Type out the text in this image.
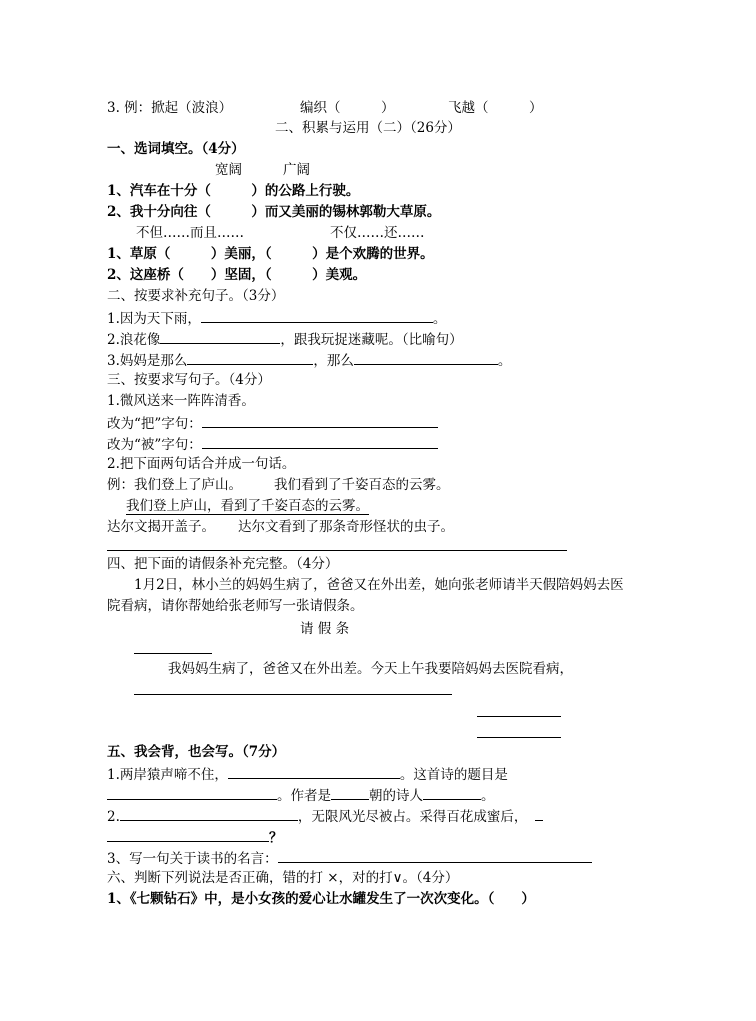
3. 例：掀起（波浪）	编织（　　　）	飞越（　　　）
二、积累与运用（二）（26分）
一、选词填空。（4分）
宽阔	广阔
1、汽车在十分（　　　）的公路上行驶。
2、我十分向往（　　　）而又美丽的锡林郭勒大草原。
不但……而且……	不仅……还……
1、草原（　　　）美丽，（　　　）是个欢腾的世界。
2、这座桥（　　）坚固，（　　　）美观。
二、按要求补充句子。（3分）
1.因为天下雨，	。
2.浪花像	，跟我玩捉迷藏呢。（比喻句）
3.妈妈是那么	，那么	。
三、按要求写句子。（4分）
1.微风送来一阵阵清香。
改为“把”字句：
改为“被”字句：
2.把下面两句话合并成一句话。
例：我们登上了庐山。 我们看到了千姿百态的云雾。
我们登上庐山，看到了千姿百态的云雾。
达尔文揭开盖子。 达尔文看到了那条奇形怪状的虫子。
四、把下面的请假条补充完整。（4分）
1月2日，林小兰的妈妈生病了，爸爸又在外出差，她向张老师请半天假陪妈妈去医
院看病，请你帮她给张老师写一张请假条。
请 假 条
我妈妈生病了，爸爸又在外出差。今天上午我要陪妈妈去医院看病，
五、我会背，也会写。（7分）
1.两岸猿声啼不住，	。这首诗的题目是
。作者是	朝的诗人	。
2.	，无限风光尽被占。采得百花成蜜后，
？
3、写一句关于读书的名言：
六、判断下列说法是否正确，错的打 ×，对的打∨。（4分）
1、《七颗钻石》中，是小女孩的爱心让水罐发生了一次次变化。（　　）
